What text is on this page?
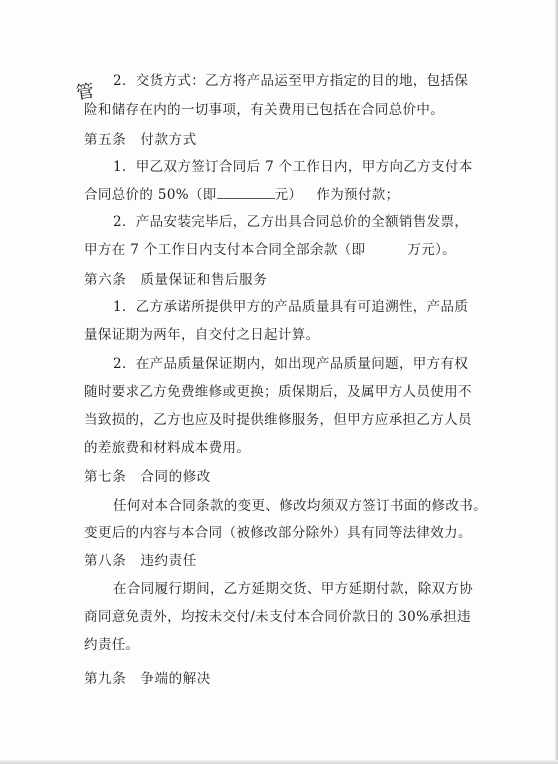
管 2．交货方式：乙方将产品运至甲方指定的目的地，包括保
险和储存在内的一切事项，有关费用已包括在合同总价中。
第五条　付款方式
1．甲乙双方签订合同后 7 个工作日内，甲方向乙方支付本
合同总价的 50%（即	元） 作为预付款；
2．产品安装完毕后，乙方出具合同总价的全额销售发票，
甲方在 7 个工作日内支付本合同全部余款（即	万元）。
第六条　质量保证和售后服务
1．乙方承诺所提供甲方的产品质量具有可追溯性，产品质
量保证期为两年，自交付之日起计算。
2．在产品质量保证期内，如出现产品质量问题，甲方有权
随时要求乙方免费维修或更换；质保期后，及属甲方人员使用不
当致损的，乙方也应及时提供维修服务，但甲方应承担乙方人员
的差旅费和材料成本费用。
第七条　合同的修改
任何对本合同条款的变更、修改均须双方签订书面的修改书。
变更后的内容与本合同（被修改部分除外）具有同等法律效力。
第八条　违约责任
在合同履行期间，乙方延期交货、甲方延期付款，除双方协
商同意免责外，均按未交付/未支付本合同价款日的 30%承担违
约责任。
第九条　争端的解决
